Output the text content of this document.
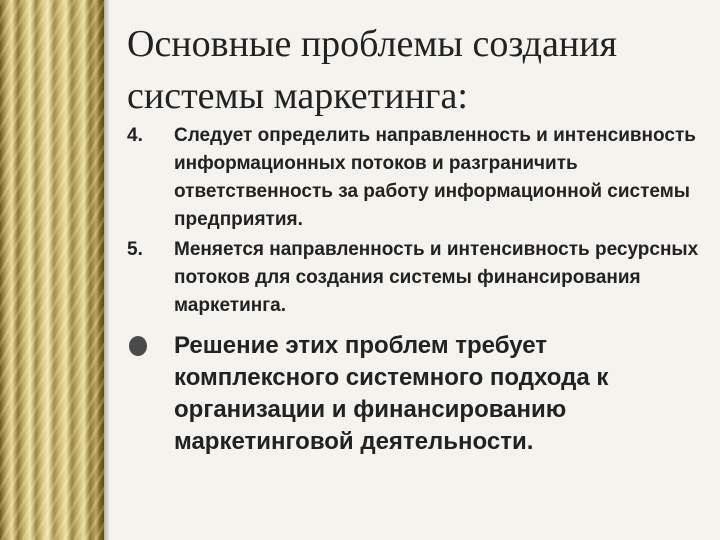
Основные проблемы создания системы маркетинга:
4. Следует определить направленность и интенсивность информационных потоков и разграничить ответственность за работу информационной системы предприятия.
5. Меняется направленность и интенсивность ресурсных потоков для создания системы финансирования маркетинга.
Решение этих проблем требует комплексного системного подхода к организации и финансированию маркетинговой деятельности.
